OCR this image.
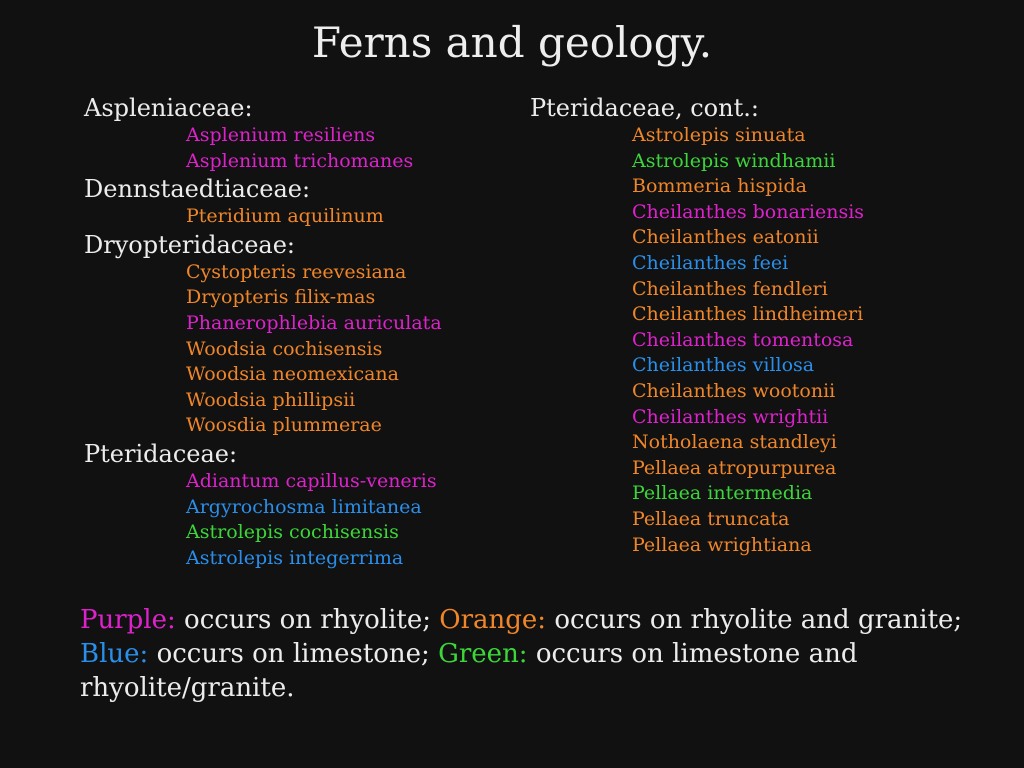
Ferns and geology.
Aspleniaceae:
Asplenium resiliens
Asplenium trichomanes
Dennstaedtiaceae:
Pteridium aquilinum
Dryopteridaceae:
Cystopteris reevesiana
Dryopteris filix-mas
Phanerophlebia auriculata
Woodsia cochisensis
Woodsia neomexicana
Woodsia phillipsii
Woosdia plummerae
Pteridaceae:
Adiantum capillus-veneris
Argyrochosma limitanea
Astrolepis cochisensis
Astrolepis integerrima
Pteridaceae, cont.:
Astrolepis sinuata
Astrolepis windhamii
Bommeria hispida
Cheilanthes bonariensis
Cheilanthes eatonii
Cheilanthes feei
Cheilanthes fendleri
Cheilanthes lindheimeri
Cheilanthes tomentosa
Cheilanthes villosa
Cheilanthes wootonii
Cheilanthes wrightii
Notholaena standleyi
Pellaea atropurpurea
Pellaea intermedia
Pellaea truncata
Pellaea wrightiana
Purple: occurs on rhyolite; Orange: occurs on rhyolite and granite; Blue: occurs on limestone; Green: occurs on limestone and rhyolite/granite.
